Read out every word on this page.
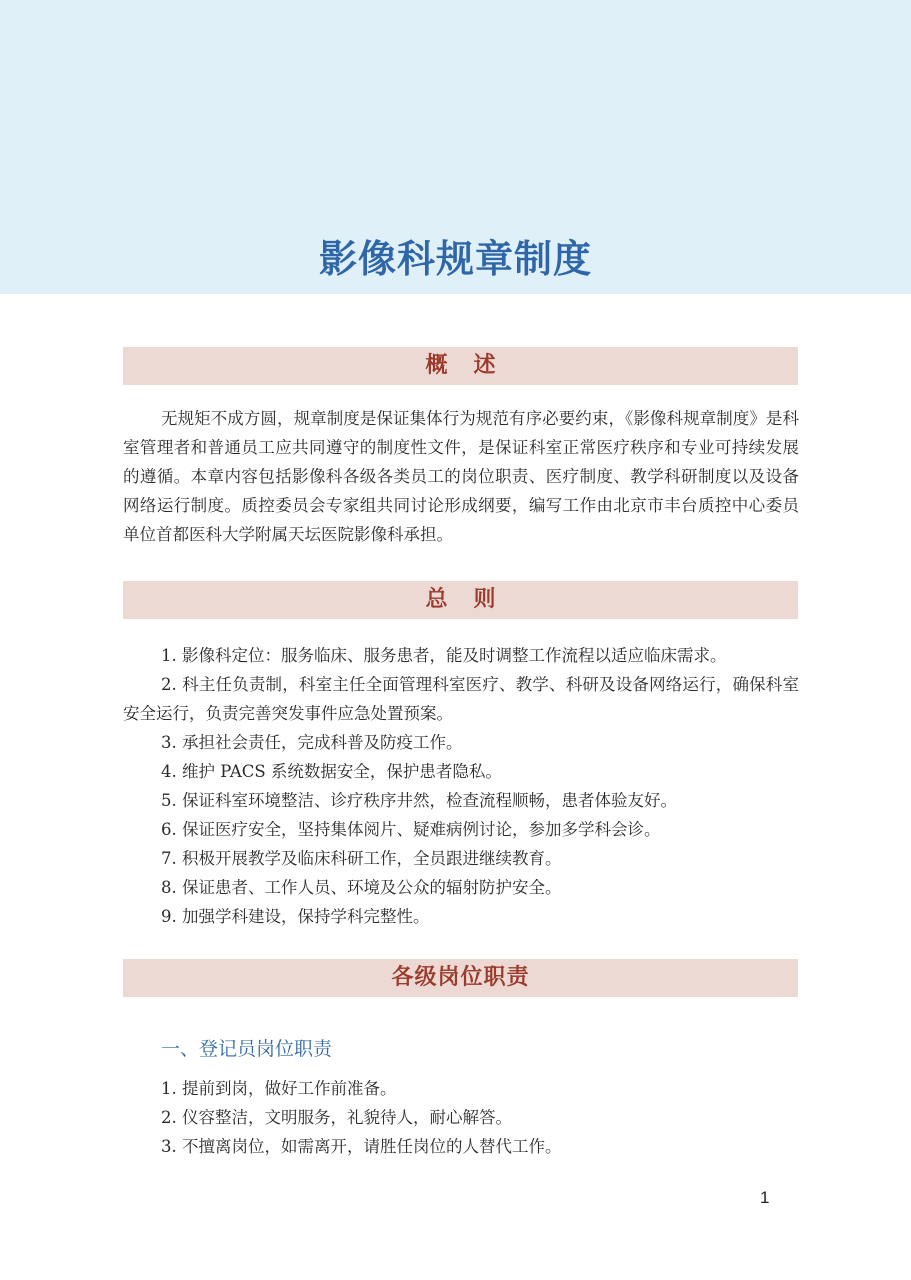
影像科规章制度
概述
无规矩不成方圆，规章制度是保证集体行为规范有序必要约束，《影像科规章制度》是科室管理者和普通员工应共同遵守的制度性文件，是保证科室正常医疗秩序和专业可持续发展的遵循。本章内容包括影像科各级各类员工的岗位职责、医疗制度、教学科研制度以及设备网络运行制度。质控委员会专家组共同讨论形成纲要，编写工作由北京市丰台质控中心委员单位首都医科大学附属天坛医院影像科承担。
总则
1. 影像科定位：服务临床、服务患者，能及时调整工作流程以适应临床需求。
2. 科主任负责制，科室主任全面管理科室医疗、教学、科研及设备网络运行，确保科室安全运行，负责完善突发事件应急处置预案。
3. 承担社会责任，完成科普及防疫工作。
4. 维护 PACS 系统数据安全，保护患者隐私。
5. 保证科室环境整洁、诊疗秩序井然，检查流程顺畅，患者体验友好。
6. 保证医疗安全，坚持集体阅片、疑难病例讨论，参加多学科会诊。
7. 积极开展教学及临床科研工作，全员跟进继续教育。
8. 保证患者、工作人员、环境及公众的辐射防护安全。
9. 加强学科建设，保持学科完整性。
各级岗位职责
一、登记员岗位职责
1. 提前到岗，做好工作前准备。
2. 仪容整洁，文明服务，礼貌待人，耐心解答。
3. 不擅离岗位，如需离开，请胜任岗位的人替代工作。
1
